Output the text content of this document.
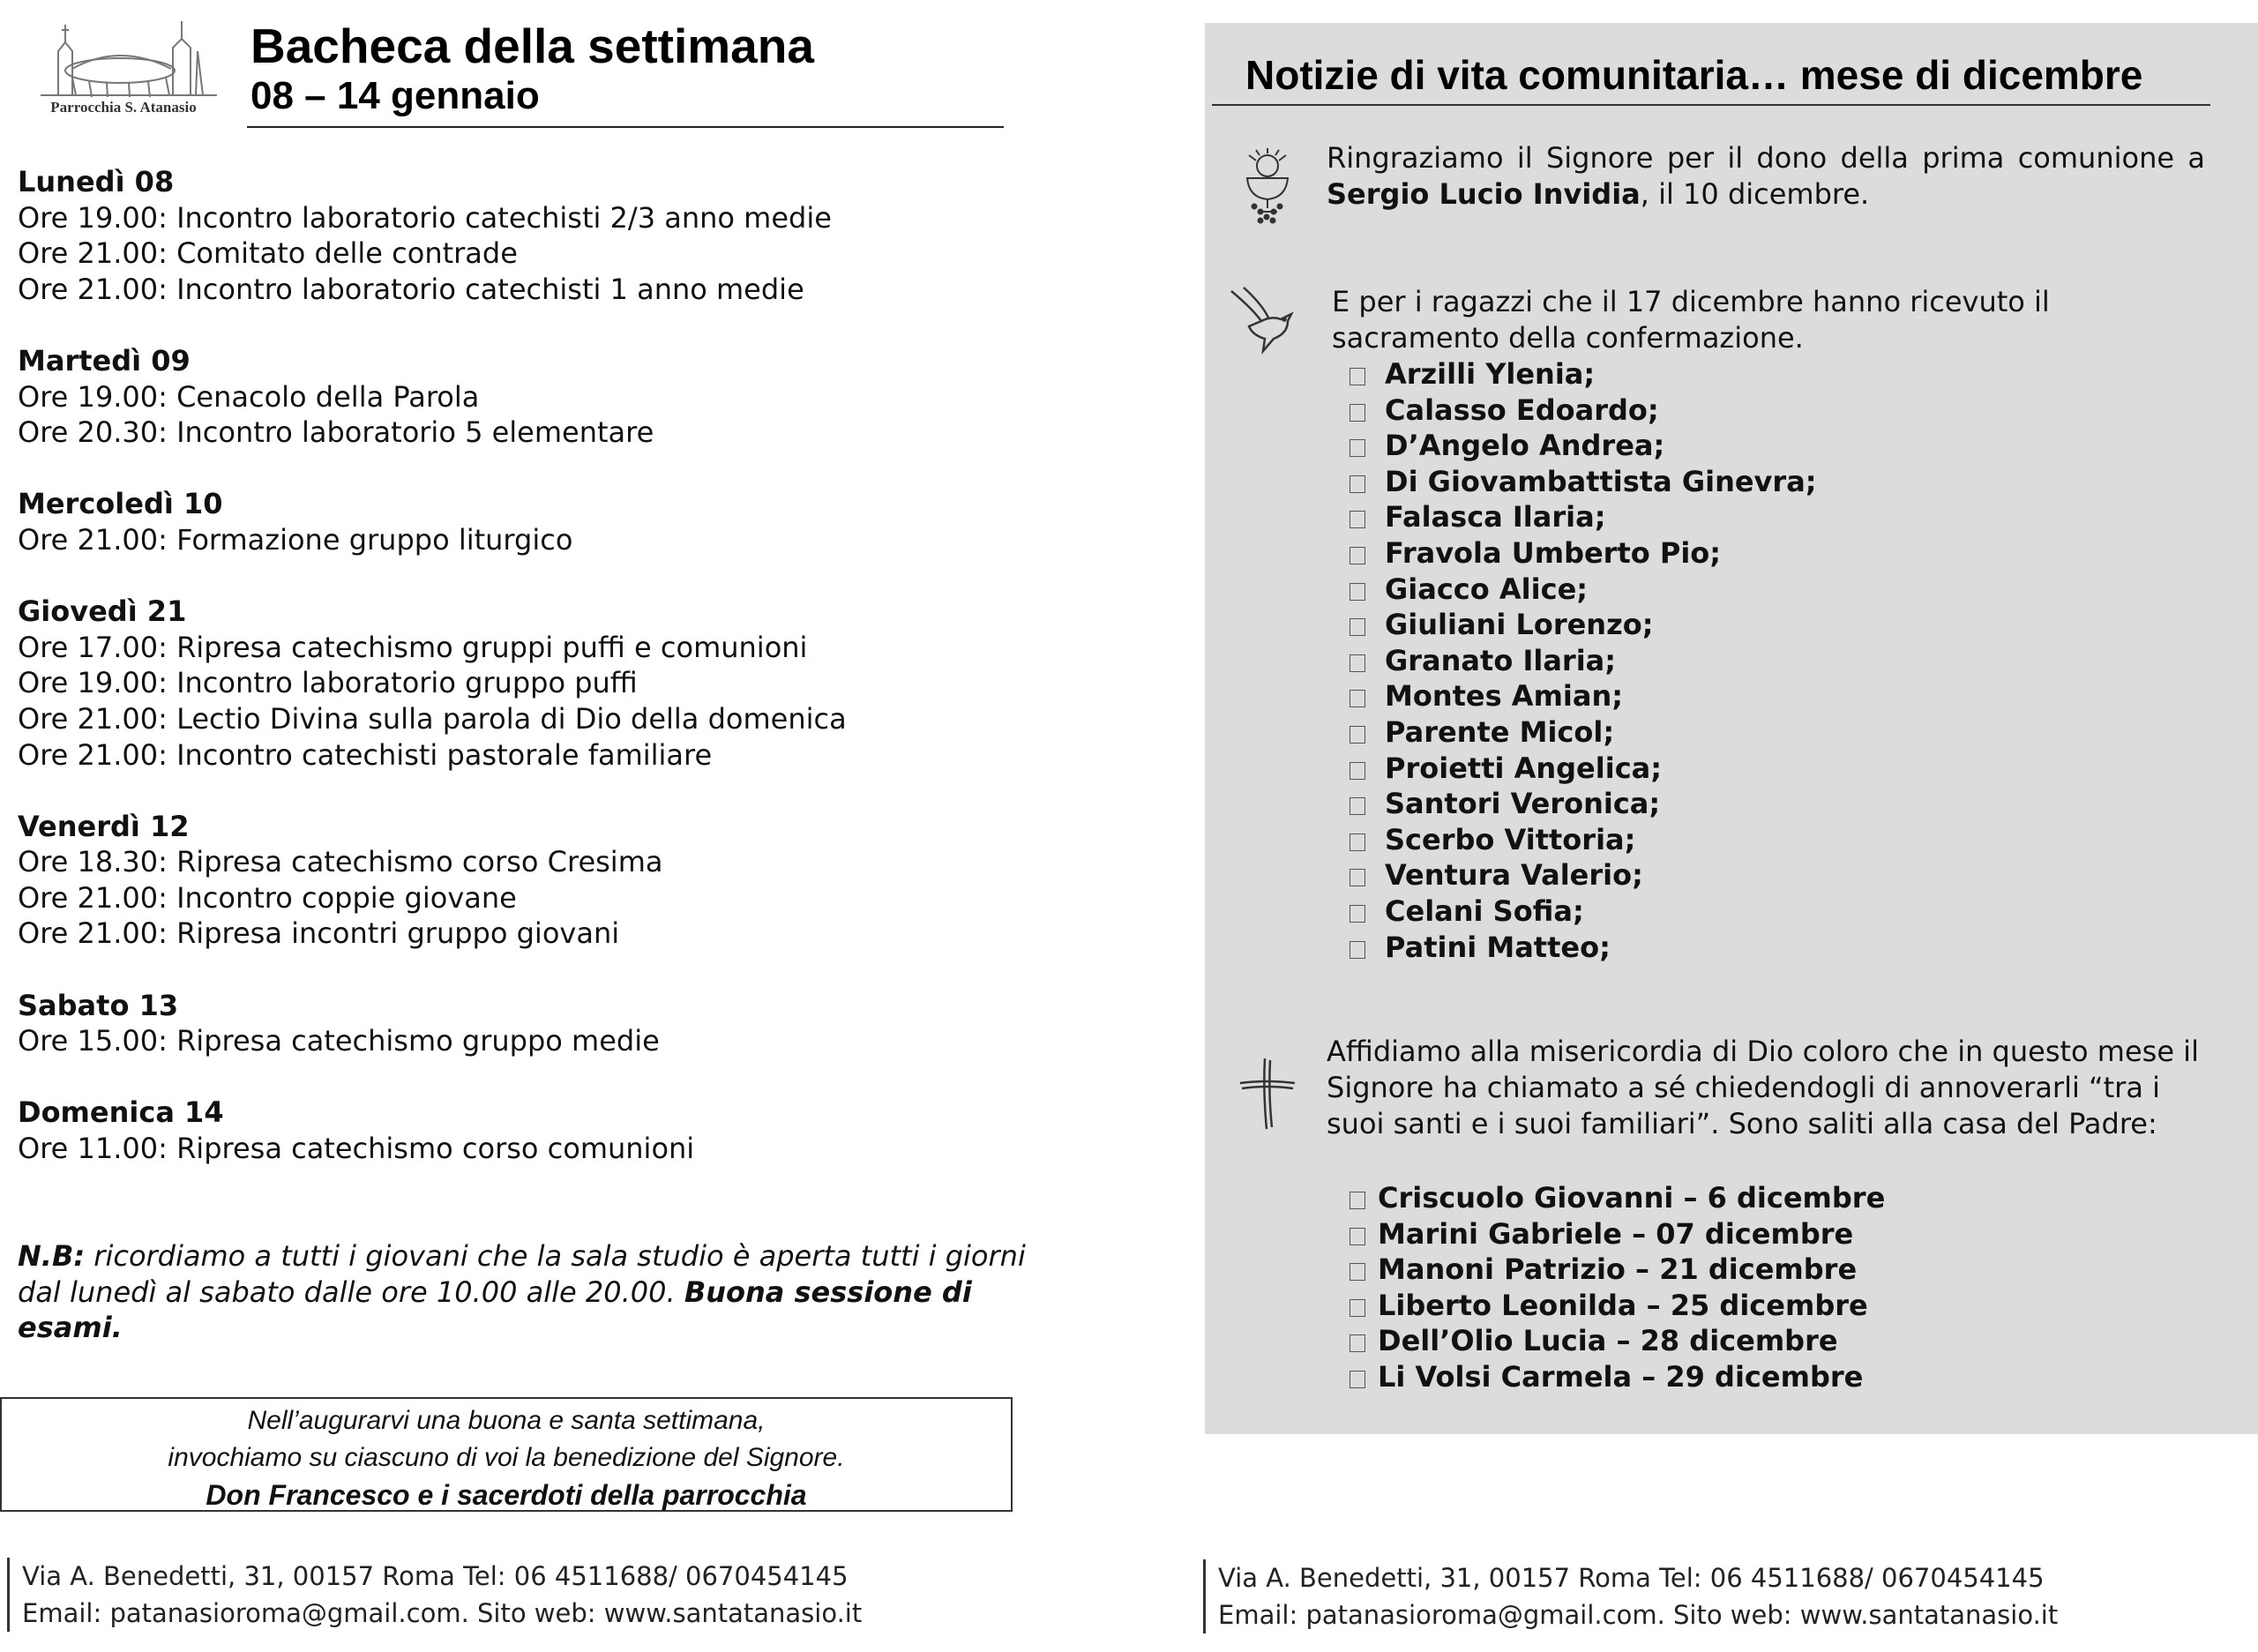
Parrocchia S. Atanasio
Bacheca della settimana
08 – 14 gennaio
Lunedì 08
Ore 19.00: Incontro laboratorio catechisti 2/3 anno medie
Ore 21.00: Comitato delle contrade
Ore 21.00: Incontro laboratorio catechisti 1 anno medie
Martedì 09
Ore 19.00: Cenacolo della Parola
Ore 20.30: Incontro laboratorio 5 elementare
Mercoledì 10
Ore 21.00: Formazione gruppo liturgico
Giovedì 21
Ore 17.00: Ripresa catechismo gruppi puffi e comunioni
Ore 19.00: Incontro laboratorio gruppo puffi
Ore 21.00: Lectio Divina sulla parola di Dio della domenica
Ore 21.00: Incontro catechisti pastorale familiare
Venerdì 12
Ore 18.30: Ripresa catechismo corso Cresima
Ore 21.00: Incontro coppie giovane
Ore 21.00: Ripresa incontri gruppo giovani
Sabato 13
Ore 15.00: Ripresa catechismo gruppo medie
Domenica 14
Ore 11.00: Ripresa catechismo corso comunioni
N.B: ricordiamo a tutti i giovani che la sala studio è aperta tutti i giorni dal lunedì al sabato dalle ore 10.00 alle 20.00. Buona sessione di esami.
Nell’augurarvi una buona e santa settimana,
invochiamo su ciascuno di voi la benedizione del Signore.
Don Francesco e i sacerdoti della parrocchia
Via A. Benedetti, 31, 00157 Roma Tel: 06 4511688/ 0670454145
Email: patanasioroma@gmail.com. Sito web: www.santatanasio.it
Notizie di vita comunitaria… mese di dicembre
Ringraziamo il Signore per il dono della prima comunione a Sergio Lucio Invidia, il 10 dicembre.
E per i ragazzi che il 17 dicembre hanno ricevuto il sacramento della confermazione.
Arzilli Ylenia;
Calasso Edoardo;
D’Angelo Andrea;
Di Giovambattista Ginevra;
Falasca Ilaria;
Fravola Umberto Pio;
Giacco Alice;
Giuliani Lorenzo;
Granato Ilaria;
Montes Amian;
Parente Micol;
Proietti Angelica;
Santori Veronica;
Scerbo Vittoria;
Ventura Valerio;
Celani Sofia;
Patini Matteo;
Affidiamo alla misericordia di Dio coloro che in questo mese il Signore ha chiamato a sé chiedendogli di annoverarli “tra i suoi santi e i suoi familiari”. Sono saliti alla casa del Padre:
Criscuolo Giovanni – 6 dicembre
Marini Gabriele – 07 dicembre
Manoni Patrizio – 21 dicembre
Liberto Leonilda – 25 dicembre
Dell’Olio Lucia – 28 dicembre
Li Volsi Carmela – 29 dicembre
Via A. Benedetti, 31, 00157 Roma Tel: 06 4511688/ 0670454145
Email: patanasioroma@gmail.com. Sito web: www.santatanasio.it
